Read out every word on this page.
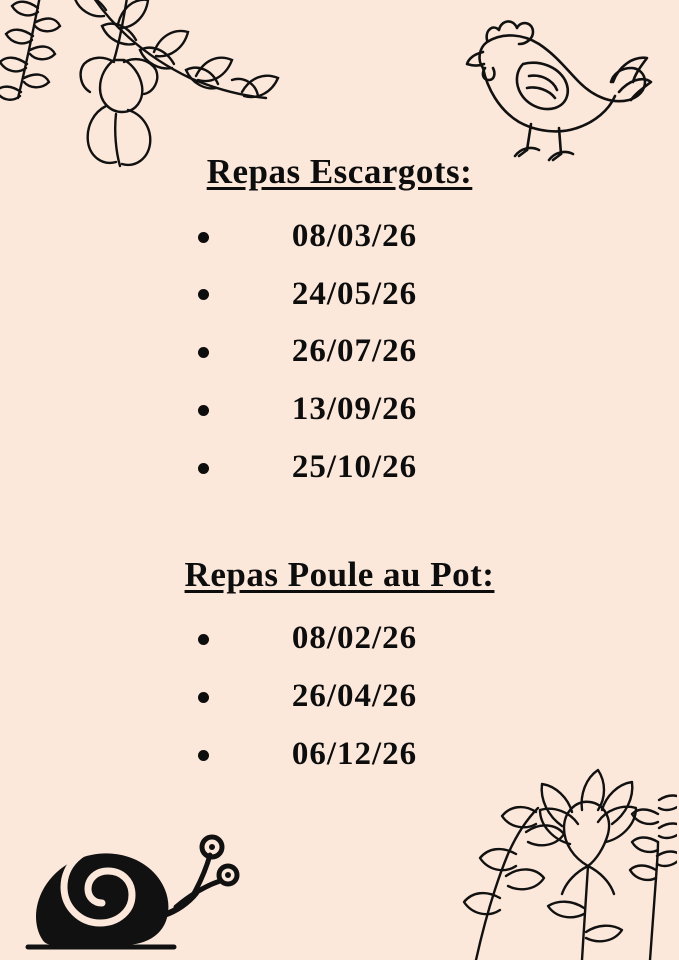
Repas Escargots:
08/03/26
24/05/26
26/07/26
13/09/26
25/10/26
Repas Poule au Pot:
08/02/26
26/04/26
06/12/26
